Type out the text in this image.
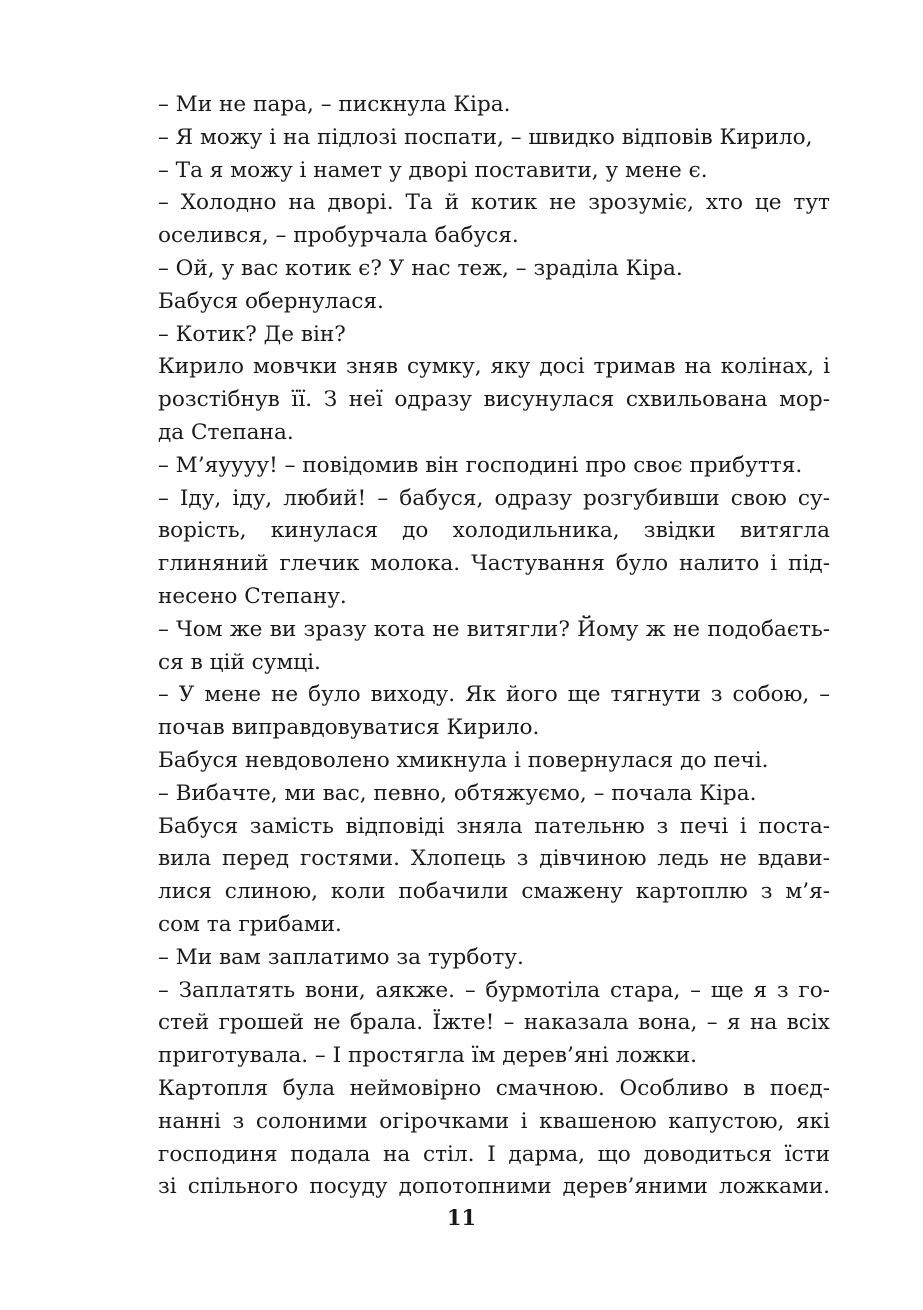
– Ми не пара, – пискнула Кіра.
– Я можу і на підлозі поспати, – швидко відповів Кирило,
– Та я можу і намет у дворі поставити, у мене є.
– Холодно на дворі. Та й котик не зрозуміє, хто це тут
оселився, – пробурчала бабуся.
– Ой, у вас котик є? У нас теж, – зраділа Кіра.
Бабуся обернулася.
– Котик? Де він?
Кирило мовчки зняв сумку, яку досі тримав на колінах, і
розстібнув її. З неї одразу висунулася схвильована мор-
да Степана.
– М’яуууу! – повідомив він господині про своє прибуття.
– Іду, іду, любий! – бабуся, одразу розгубивши свою су-
ворість, кинулася до холодильника, звідки витягла
глиняний глечик молока. Частування було налито і під-
несено Степану.
– Чом же ви зразу кота не витягли? Йому ж не подобаєть-
ся в цій сумці.
– У мене не було виходу. Як його ще тягнути з собою, –
почав виправдовуватися Кирило.
Бабуся невдоволено хмикнула і повернулася до печі.
– Вибачте, ми вас, певно, обтяжуємо, – почала Кіра.
Бабуся замість відповіді зняла пательню з печі і поста-
вила перед гостями. Хлопець з дівчиною ледь не вдави-
лися слиною, коли побачили смажену картоплю з м’я-
сом та грибами.
– Ми вам заплатимо за турботу.
– Заплатять вони, аякже. – бурмотіла стара, – ще я з го-
стей грошей не брала. Їжте! – наказала вона, – я на всіх
приготувала. – І простягла їм дерев’яні ложки.
Картопля була неймовірно смачною. Особливо в поєд-
нанні з солоними огірочками і квашеною капустою, які
господиня подала на стіл. І дарма, що доводиться їсти
зі спільного посуду допотопними дерев’яними ложками.
11
